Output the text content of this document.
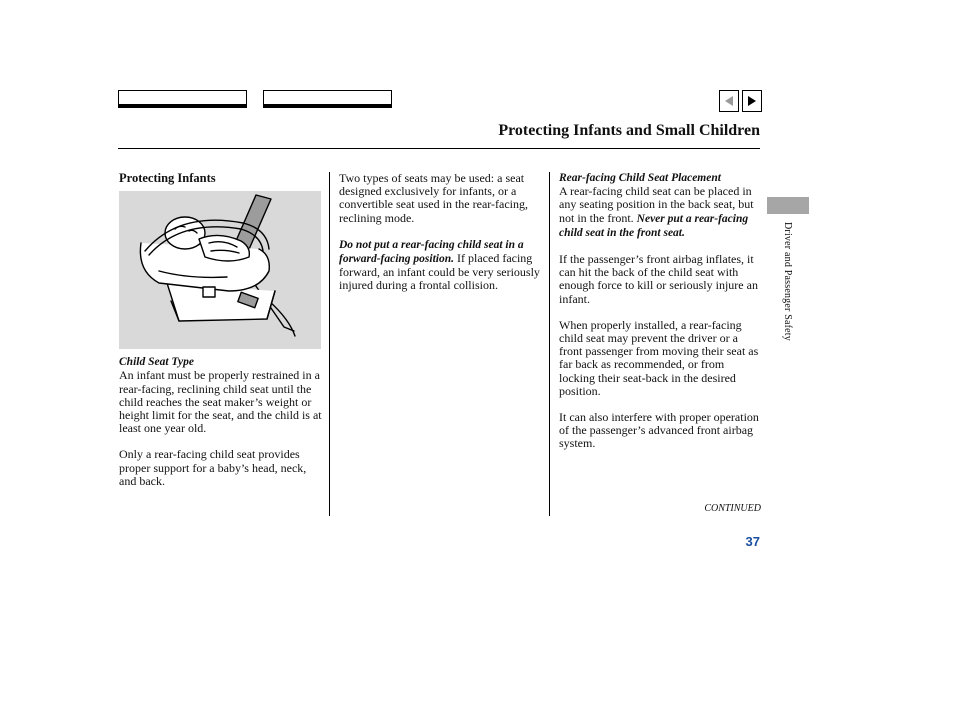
Protecting Infants and Small Children
Protecting Infants
Child Seat Type

An infant must be properly restrained in a rear-facing, reclining child seat until the child reaches the seat maker’s weight or height limit for the seat, and the child is at least one year old.

Only a rear-facing child seat provides proper support for a baby’s head, neck, and back.

Two types of seats may be used: a seat designed exclusively for infants, or a convertible seat used in the rear-facing, reclining mode.

Do not put a rear-facing child seat in a forward-facing position. If placed facing forward, an infant could be very seriously injured during a frontal collision.

Rear-facing Child Seat Placement

A rear-facing child seat can be placed in any seating position in the back seat, but not in the front. Never put a rear-facing child seat in the front seat.

If the passenger’s front airbag inflates, it can hit the back of the child seat with enough force to kill or seriously injure an infant.

When properly installed, a rear-facing child seat may prevent the driver or a front passenger from moving their seat as far back as recommended, or from locking their seat-back in the desired position.

It can also interfere with proper operation of the passenger’s advanced front airbag system.

Driver and Passenger Safety
CONTINUED
37
